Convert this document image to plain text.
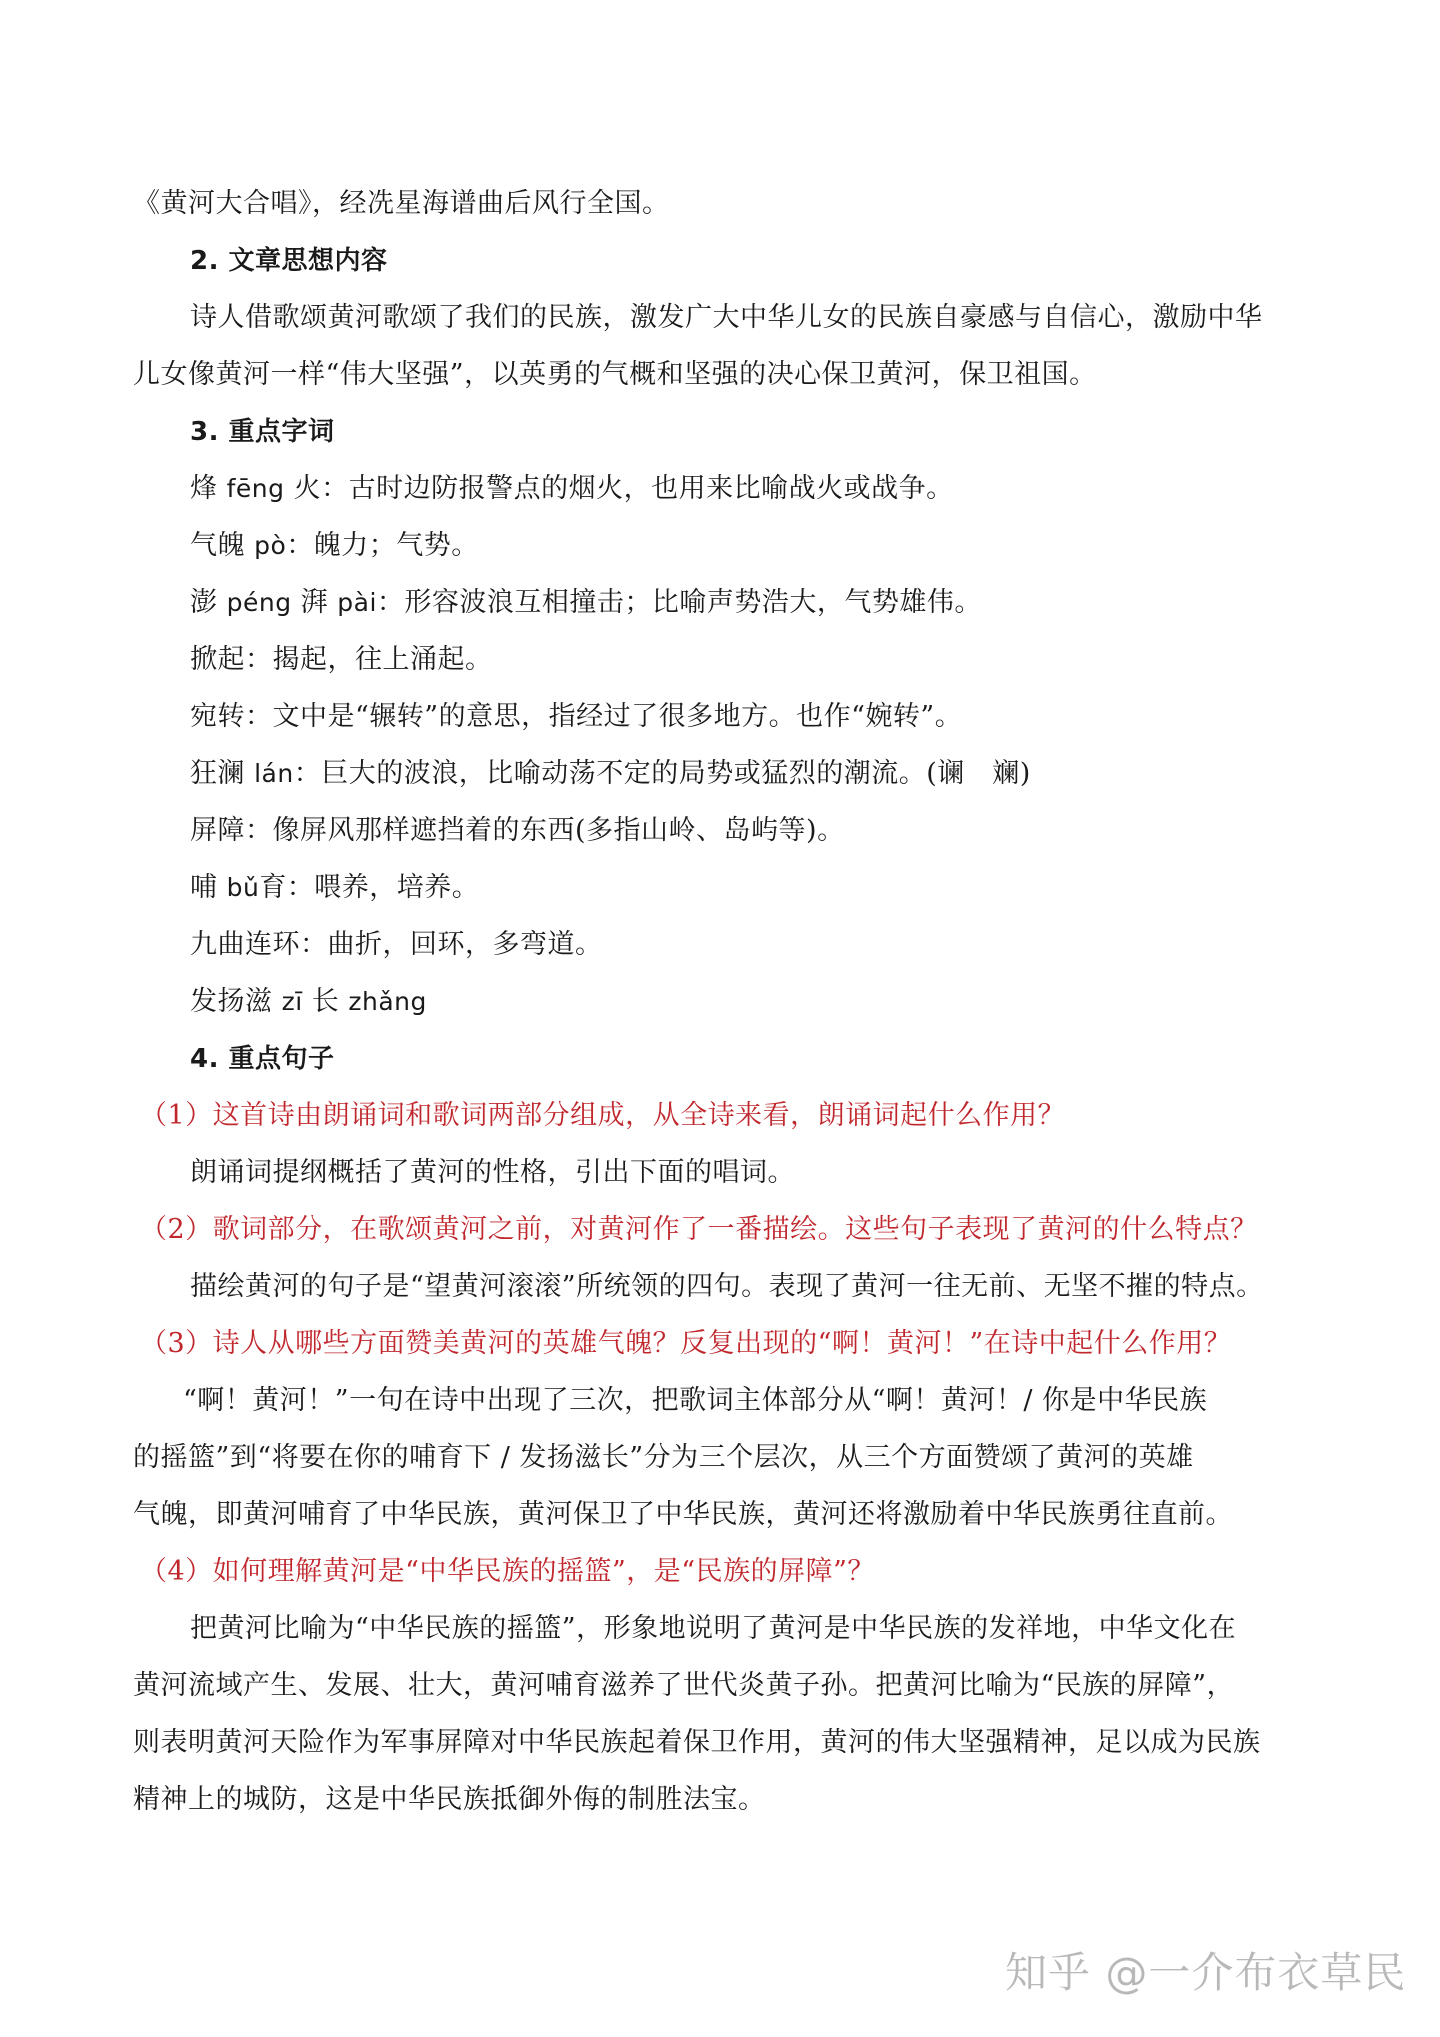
《黄河大合唱》，经冼星海谱曲后风行全国。
2. 文章思想内容
诗人借歌颂黄河歌颂了我们的民族，激发广大中华儿女的民族自豪感与自信心，激励中华
儿女像黄河一样“伟大坚强”，以英勇的气概和坚强的决心保卫黄河，保卫祖国。
3. 重点字词
烽 fēng 火：古时边防报警点的烟火，也用来比喻战火或战争。
气魄 pò：魄力；气势。
澎 péng 湃 pài：形容波浪互相撞击；比喻声势浩大，气势雄伟。
掀起：揭起，往上涌起。
宛转：文中是“辗转”的意思，指经过了很多地方。也作“婉转”。
狂澜 lán：巨大的波浪，比喻动荡不定的局势或猛烈的潮流。(谰　斓)
屏障：像屏风那样遮挡着的东西(多指山岭、岛屿等)。
哺 bǔ育：喂养，培养。
九曲连环：曲折，回环，多弯道。
发扬滋 zī 长 zhǎng
4. 重点句子
（1）这首诗由朗诵词和歌词两部分组成，从全诗来看，朗诵词起什么作用？
朗诵词提纲概括了黄河的性格，引出下面的唱词。
（2）歌词部分，在歌颂黄河之前，对黄河作了一番描绘。这些句子表现了黄河的什么特点？
描绘黄河的句子是“望黄河滚滚”所统领的四句。表现了黄河一往无前、无坚不摧的特点。
（3）诗人从哪些方面赞美黄河的英雄气魄？反复出现的“啊！黄河！”在诗中起什么作用？
“啊！黄河！”一句在诗中出现了三次，把歌词主体部分从“啊！黄河！/ 你是中华民族
的摇篮”到“将要在你的哺育下 / 发扬滋长”分为三个层次，从三个方面赞颂了黄河的英雄
气魄，即黄河哺育了中华民族，黄河保卫了中华民族，黄河还将激励着中华民族勇往直前。
（4）如何理解黄河是“中华民族的摇篮”，是“民族的屏障”？
把黄河比喻为“中华民族的摇篮”，形象地说明了黄河是中华民族的发祥地，中华文化在
黄河流域产生、发展、壮大，黄河哺育滋养了世代炎黄子孙。把黄河比喻为“民族的屏障”，
则表明黄河天险作为军事屏障对中华民族起着保卫作用，黄河的伟大坚强精神，足以成为民族
精神上的城防，这是中华民族抵御外侮的制胜法宝。
知乎 @一介布衣草民
